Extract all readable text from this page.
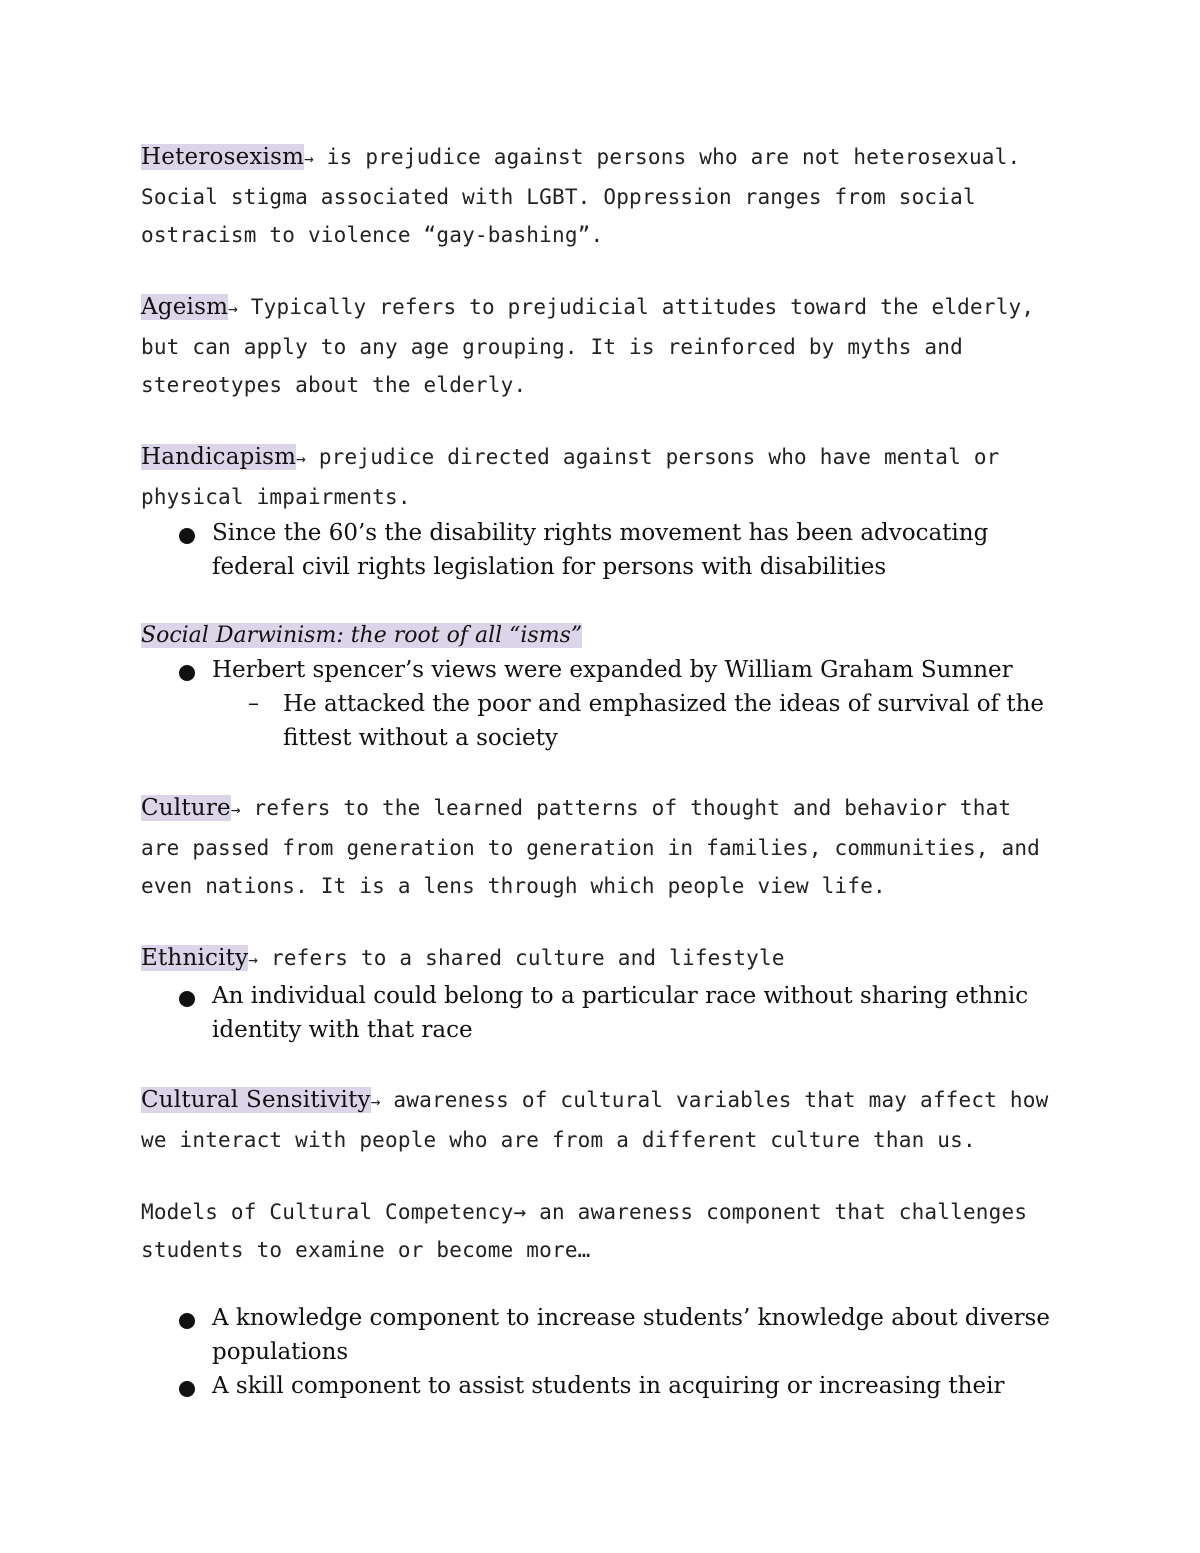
Heterosexism→ is prejudice against persons who are not heterosexual. Social stigma associated with LGBT. Oppression ranges from social ostracism to violence “gay-bashing”.
Ageism→ Typically refers to prejudicial attitudes toward the elderly, but can apply to any age grouping. It is reinforced by myths and stereotypes about the elderly.
Handicapism→ prejudice directed against persons who have mental or physical impairments.
Since the 60’s the disability rights movement has been advocating federal civil rights legislation for persons with disabilities
Social Darwinism: the root of all “isms”
Herbert spencer’s views were expanded by William Graham Sumner
– He attacked the poor and emphasized the ideas of survival of the fittest without a society
Culture→ refers to the learned patterns of thought and behavior that are passed from generation to generation in families, communities, and even nations. It is a lens through which people view life.
Ethnicity→ refers to a shared culture and lifestyle
An individual could belong to a particular race without sharing ethnic identity with that race
Cultural Sensitivity→ awareness of cultural variables that may affect how we interact with people who are from a different culture than us.
Models of Cultural Competency→ an awareness component that challenges students to examine or become more…
A knowledge component to increase students’ knowledge about diverse populations
A skill component to assist students in acquiring or increasing their
